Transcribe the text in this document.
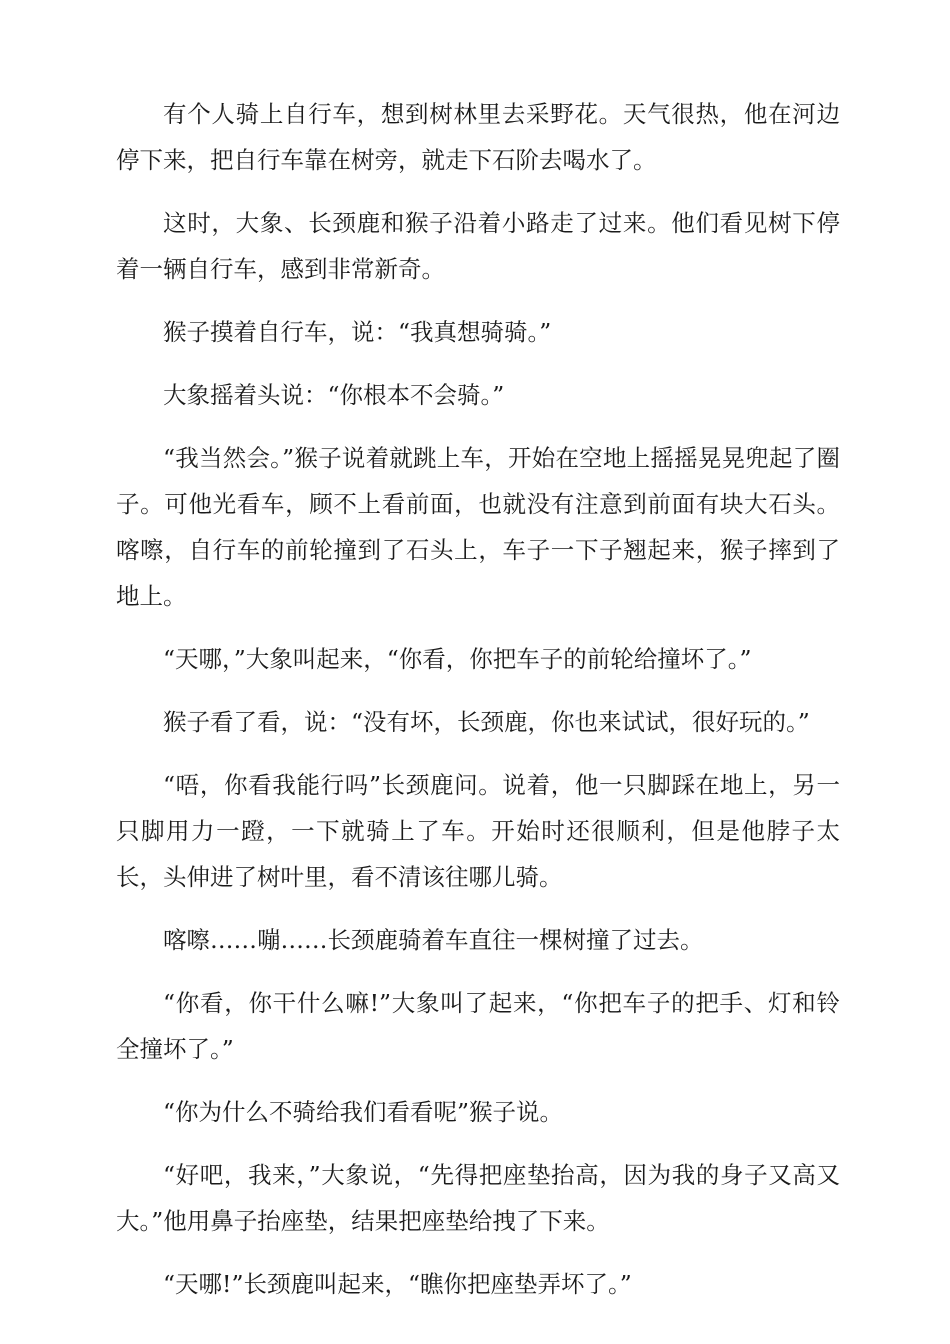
有个人骑上自行车，想到树林里去采野花。天气很热，他在河边停下来，把自行车靠在树旁，就走下石阶去喝水了。

这时，大象、长颈鹿和猴子沿着小路走了过来。他们看见树下停着一辆自行车，感到非常新奇。

猴子摸着自行车，说：“我真想骑骑。”

大象摇着头说：“你根本不会骑。”

“我当然会。”猴子说着就跳上车，开始在空地上摇摇晃晃兜起了圈子。可他光看车，顾不上看前面，也就没有注意到前面有块大石头。喀嚓，自行车的前轮撞到了石头上，车子一下子翘起来，猴子摔到了地上。

“天哪，”大象叫起来，“你看，你把车子的前轮给撞坏了。”

猴子看了看，说：“没有坏，长颈鹿，你也来试试，很好玩的。”

“唔，你看我能行吗”长颈鹿问。说着，他一只脚踩在地上，另一只脚用力一蹬，一下就骑上了车。开始时还很顺利，但是他脖子太长，头伸进了树叶里，看不清该往哪儿骑。

喀嚓……嘣……长颈鹿骑着车直往一棵树撞了过去。

“你看，你干什么嘛!”大象叫了起来，“你把车子的把手、灯和铃全撞坏了。”

“你为什么不骑给我们看看呢”猴子说。

“好吧，我来，”大象说，“先得把座垫抬高，因为我的身子又高又大。”他用鼻子抬座垫，结果把座垫给拽了下来。

“天哪!”长颈鹿叫起来，“瞧你把座垫弄坏了。”
